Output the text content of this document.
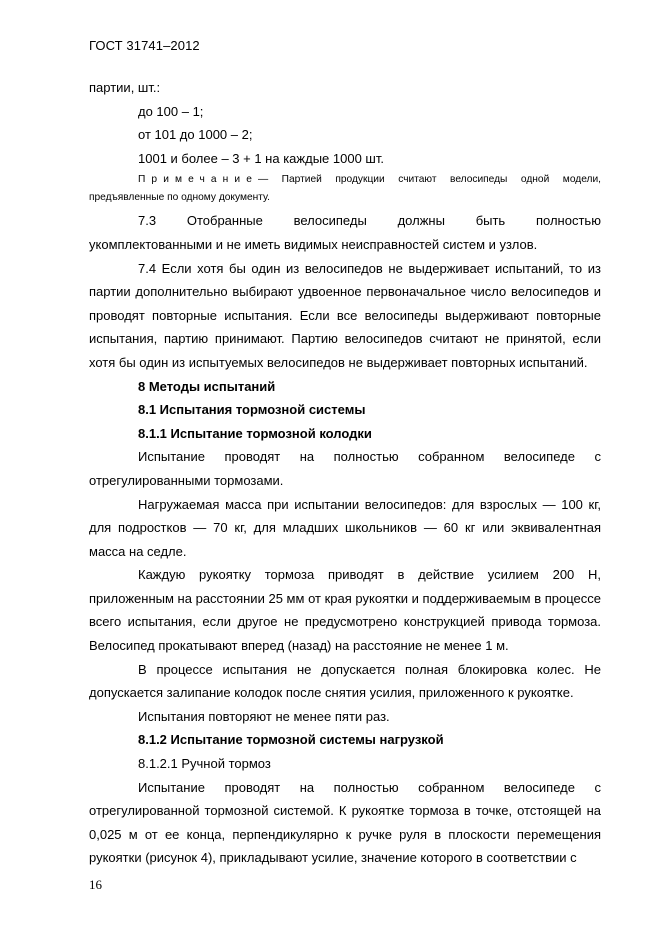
ГОСТ 31741–2012

партии, шт.:

до 100 – 1;

от 101 до 1000 – 2;

1001 и более – 3 + 1 на каждые 1000 шт.

Примечание— Партией продукции считают велосипеды одной модели, предъявленные по одному документу.

7.3 Отобранные велосипеды должны быть полностью

укомплектованными и не иметь видимых неисправностей систем и узлов.

7.4 Если хотя бы один из велосипедов не выдерживает испытаний, то из партии дополнительно выбирают удвоенное первоначальное число велосипедов и проводят повторные испытания. Если все велосипеды выдерживают повторные испытания, партию принимают. Партию велосипедов считают не принятой, если хотя бы один из испытуемых велосипедов не выдерживает повторных испытаний.

8 Методы испытаний

8.1 Испытания тормозной системы

8.1.1 Испытание тормозной колодки

Испытание проводят на полностью собранном велосипеде с отрегулированными тормозами.

Нагружаемая масса при испытании велосипедов: для взрослых — 100 кг, для подростков — 70 кг, для младших школьников — 60 кг или эквивалентная масса на седле.

Каждую рукоятку тормоза приводят в действие усилием 200 Н, приложенным на расстоянии 25 мм от края рукоятки и поддерживаемым в процессе всего испытания, если другое не предусмотрено конструкцией привода тормоза. Велосипед прокатывают вперед (назад) на расстояние не менее 1 м.

В процессе испытания не допускается полная блокировка колес. Не допускается залипание колодок после снятия усилия, приложенного к рукоятке.

Испытания повторяют не менее пяти раз.

8.1.2 Испытание тормозной системы нагрузкой

8.1.2.1 Ручной тормоз

Испытание проводят на полностью собранном велосипеде с отрегулированной тормозной системой. К рукоятке тормоза в точке, отстоящей на 0,025 м от ее конца, перпендикулярно к ручке руля в плоскости перемещения рукоятки (рисунок 4), прикладывают усилие, значение которого в соответствии с

16
